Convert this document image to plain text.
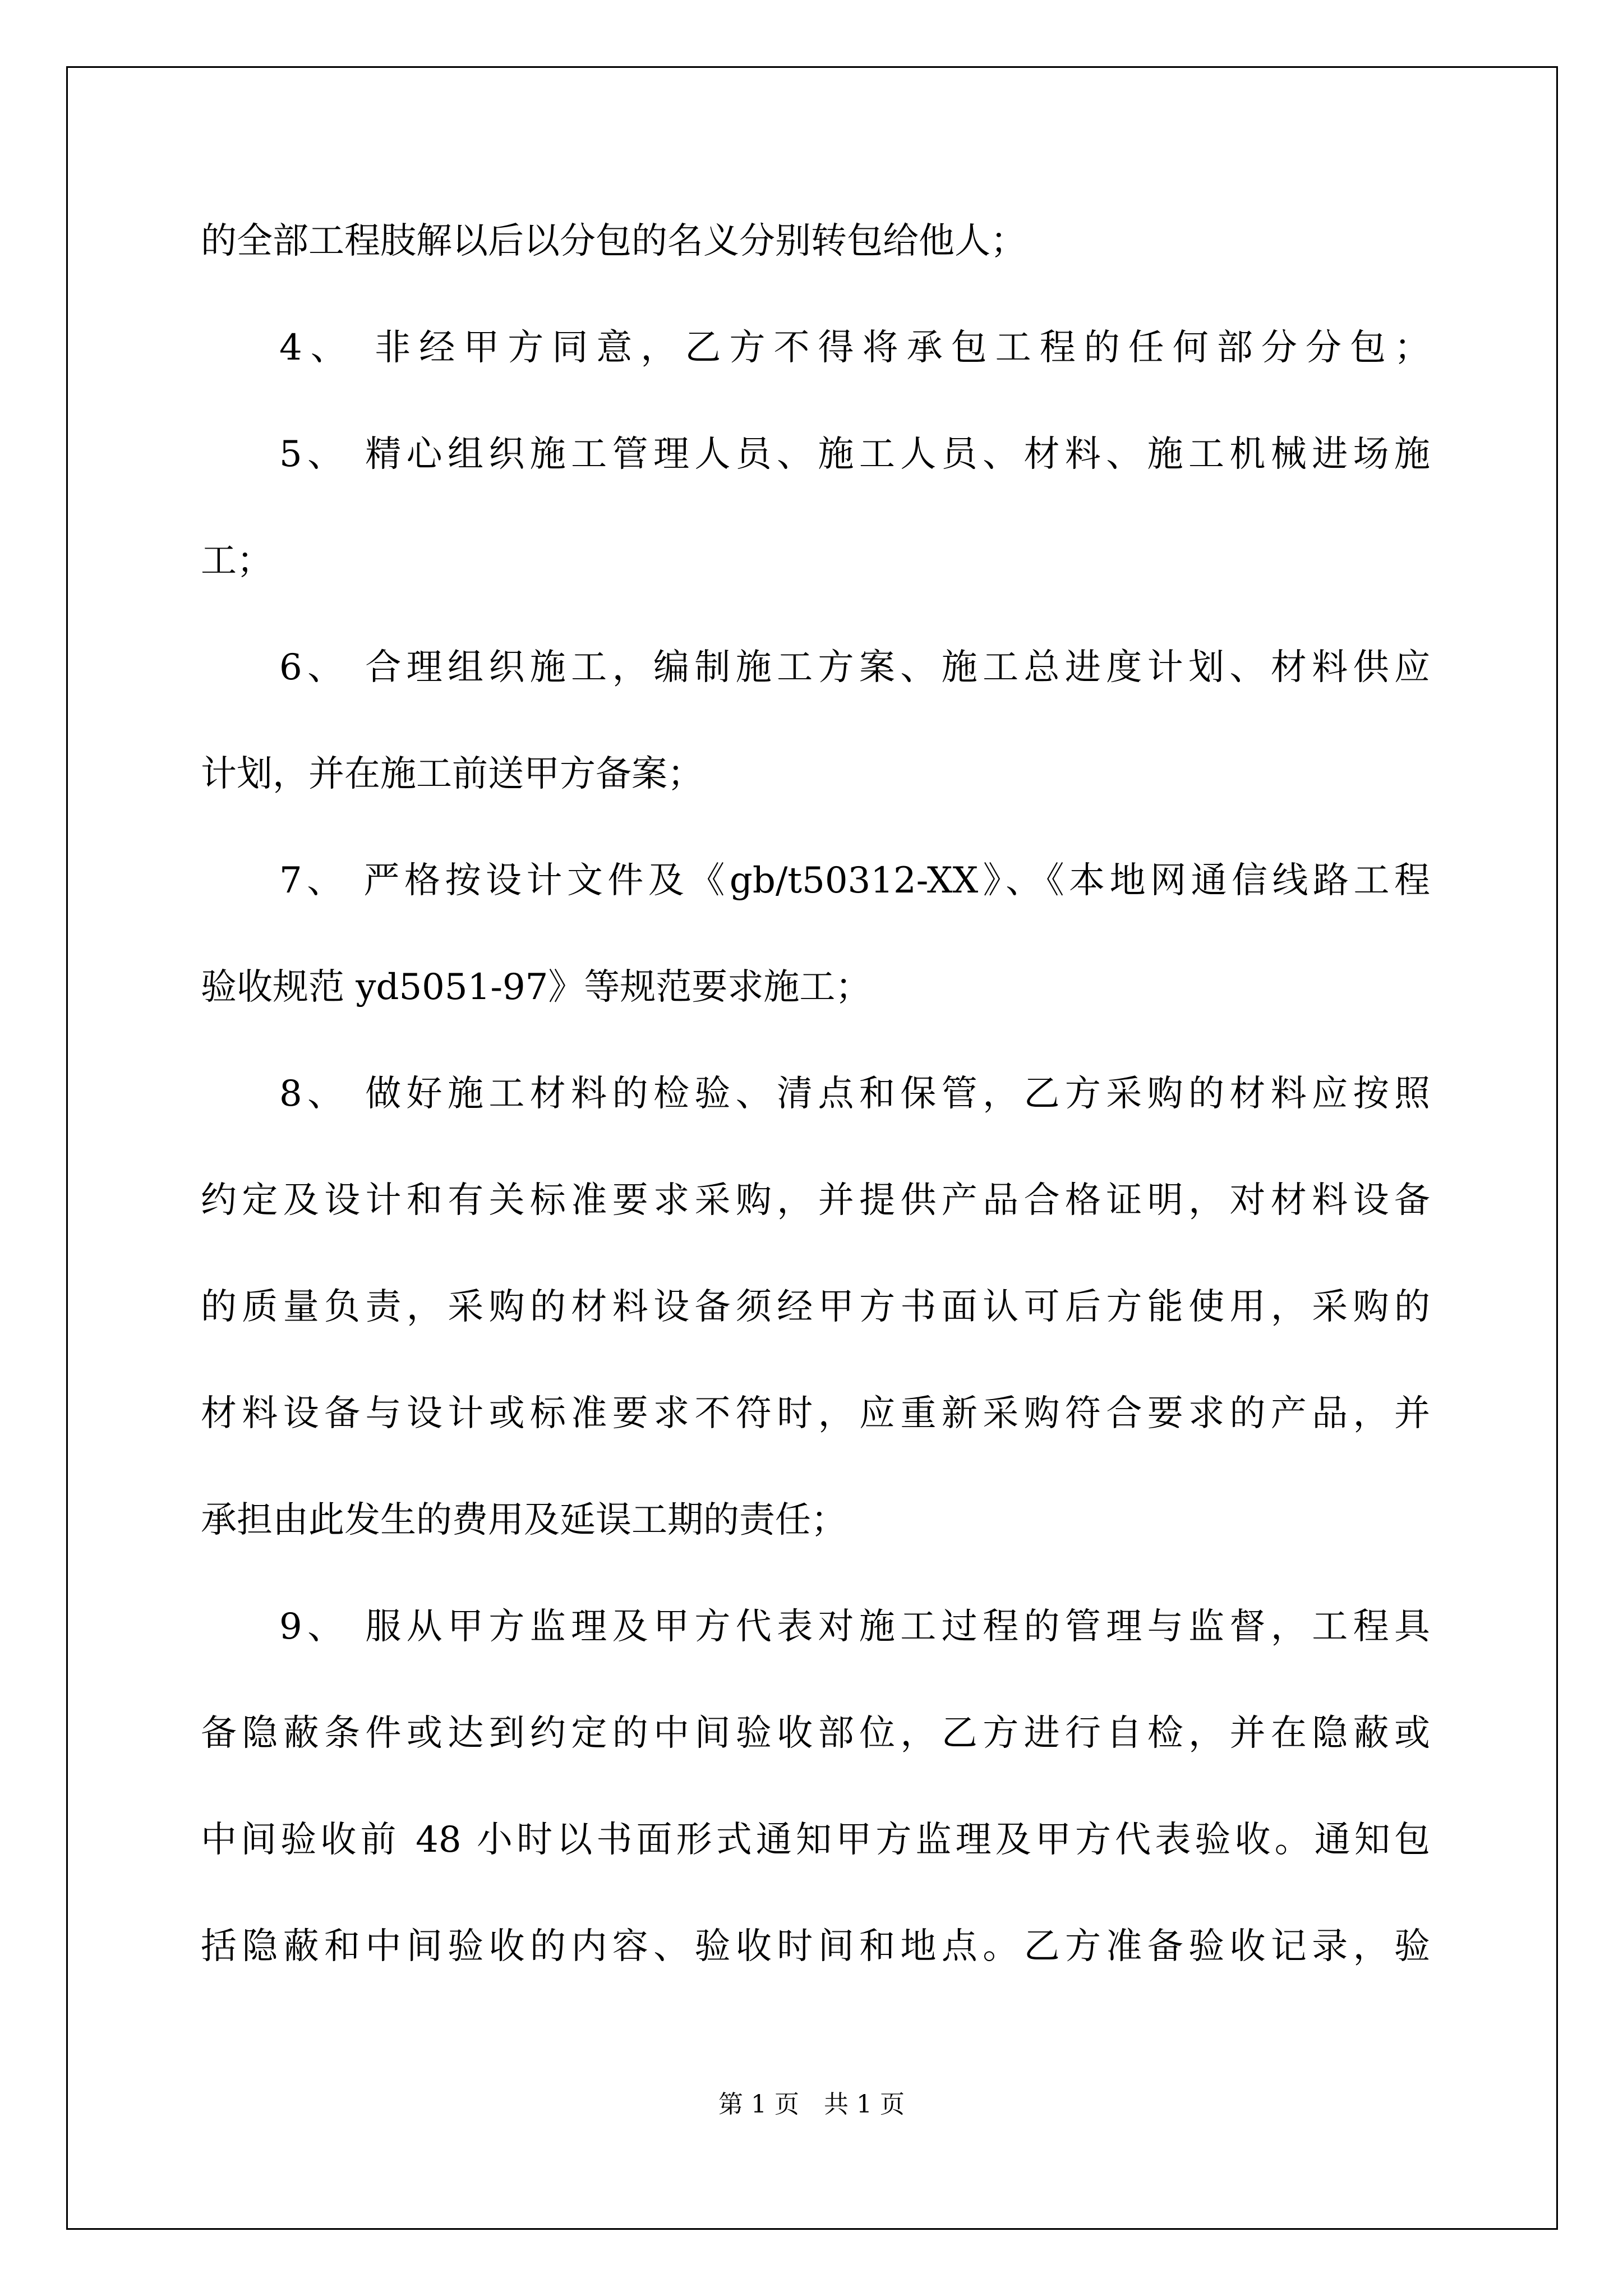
的全部工程肢解以后以分包的名义分别转包给他人；
4、 非经甲方同意，乙方不得将承包工程的任何部分分包；
5、 精心组织施工管理人员、施工人员、材料、施工机械进场施
工；
6、 合理组织施工，编制施工方案、施工总进度计划、材料供应
计划，并在施工前送甲方备案；
7、 严格按设计文件及《gb/t50312-XX》、《本地网通信线路工程
验收规范 yd5051-97》等规范要求施工；
8、 做好施工材料的检验、清点和保管，乙方采购的材料应按照
约定及设计和有关标准要求采购，并提供产品合格证明，对材料设备
的质量负责，采购的材料设备须经甲方书面认可后方能使用，采购的
材料设备与设计或标准要求不符时，应重新采购符合要求的产品，并
承担由此发生的费用及延误工期的责任；
9、 服从甲方监理及甲方代表对施工过程的管理与监督，工程具
备隐蔽条件或达到约定的中间验收部位，乙方进行自检，并在隐蔽或
中间验收前 48 小时以书面形式通知甲方监理及甲方代表验收。通知包
括隐蔽和中间验收的内容、验收时间和地点。乙方准备验收记录，验
第 1 页　共 1 页
